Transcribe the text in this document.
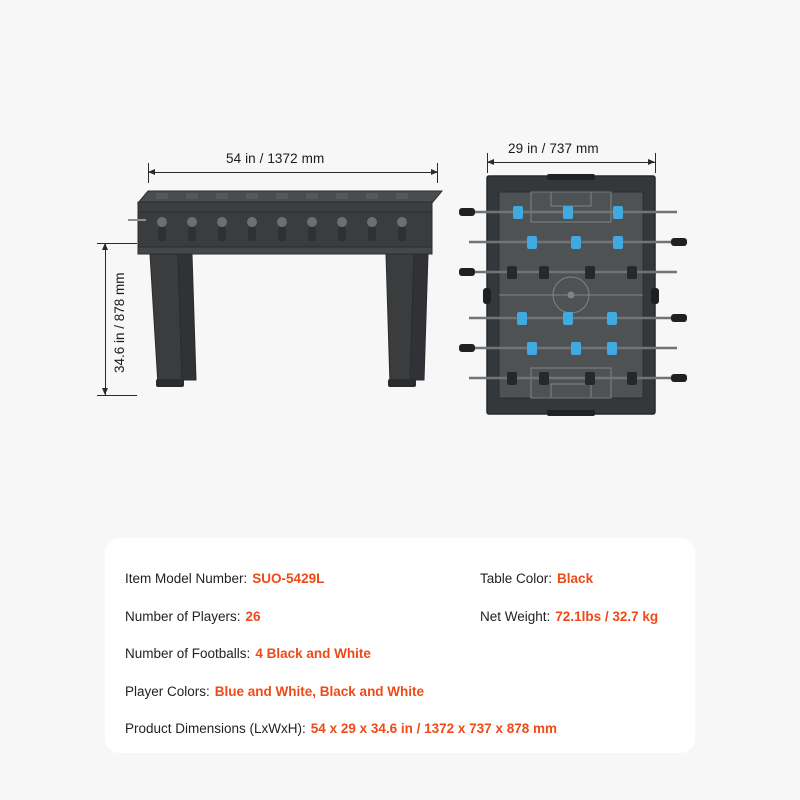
54 in / 1372 mm
34.6 in / 878 mm
29 in / 737 mm
Item Model Number: SUO-5429L	Table Color: Black
Number of Players: 26	Net Weight: 72.1lbs / 32.7 kg
Number of Footballs: 4 Black and White
Player Colors: Blue and White, Black and White
Product Dimensions (LxWxH): 54 x 29 x 34.6 in / 1372 x 737 x 878 mm
